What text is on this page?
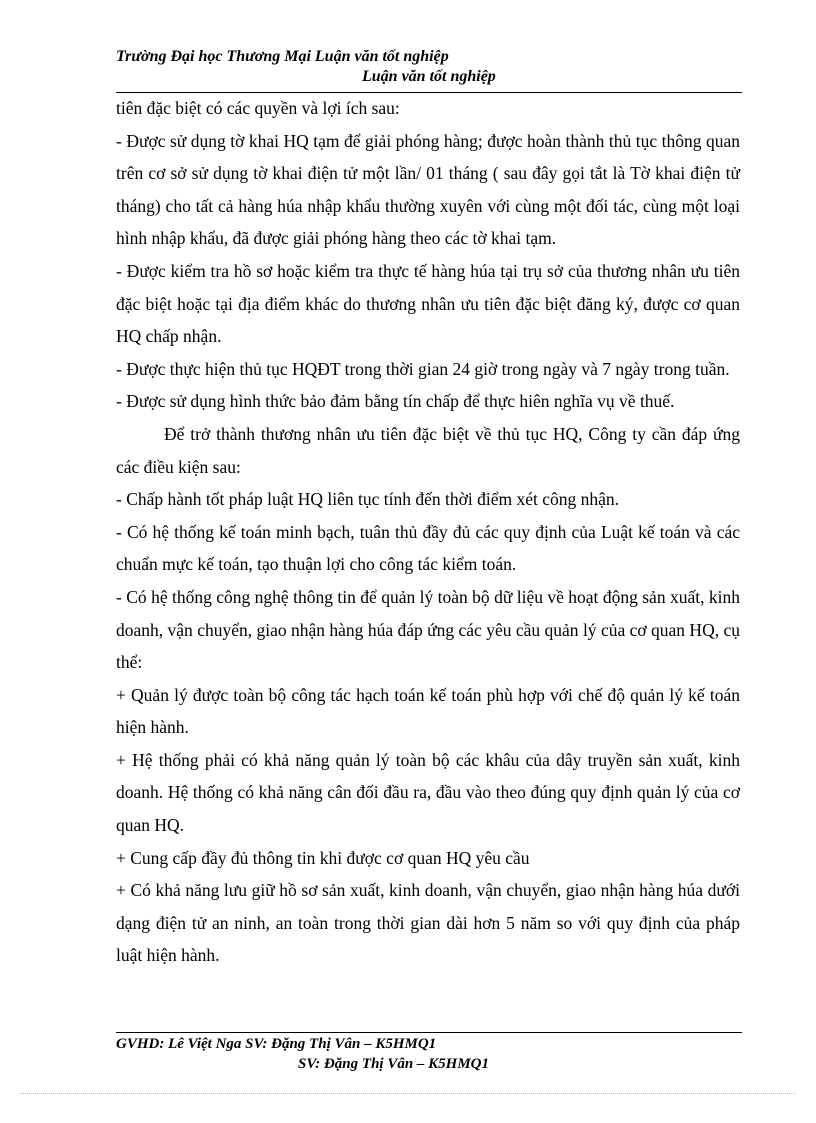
Trường Đại học Thương Mại Luận văn tốt nghiệp
Luận văn tốt nghiệp

tiên đặc biệt có các quyền và lợi ích sau:

- Được sử dụng tờ khai HQ tạm để giải phóng hàng; được hoàn thành thủ tục thông quan trên cơ sở sử dụng tờ khai điện tử một lần/ 01 tháng ( sau đây gọi tắt là Tờ khai điện tử tháng) cho tất cả hàng húa nhập khẩu thường xuyên với cùng một đối tác, cùng một loại hình nhập khẩu, đã được giải phóng hàng theo các tờ khai tạm.

- Được kiểm tra hồ sơ hoặc kiểm tra thực tế hàng húa tại trụ sở của thương nhân ưu tiên đặc biệt hoặc tại địa điểm khác do thương nhân ưu tiên đặc biệt đăng ký, được cơ quan HQ chấp nhận.

- Được thực hiện thủ tục HQĐT trong thời gian 24 giờ trong ngày và 7 ngày trong tuần.

- Được sử dụng hình thức bảo đảm bằng tín chấp để thực hiên nghĩa vụ về thuế.

Để trở thành thương nhân ưu tiên đặc biệt về thủ tục HQ, Công ty cần đáp ứng các điều kiện sau:

- Chấp hành tốt pháp luật HQ liên tục tính đến thời điểm xét công nhận.

- Có hệ thống kế toán minh bạch, tuân thủ đầy đủ các quy định của Luật kế toán và các chuẩn mực kế toán, tạo thuận lợi cho công tác kiểm toán.

- Có hệ thống công nghệ thông tin để quản lý toàn bộ dữ liệu về hoạt động sản xuất, kinh doanh, vận chuyển, giao nhận hàng húa đáp ứng các yêu cầu quản lý của cơ quan HQ, cụ thể:

+ Quản lý được toàn bộ công tác hạch toán kế toán phù hợp với chế độ quản lý kế toán hiện hành.

+ Hệ thống phải có khả năng quản lý toàn bộ các khâu của dây truyền sản xuất, kinh doanh. Hệ thống có khả năng cân đối đầu ra, đầu vào theo đúng quy định quản lý của cơ quan HQ.

+ Cung cấp đầy đủ thông tin khi được cơ quan HQ yêu cầu

+ Có khả năng lưu giữ hồ sơ sản xuất, kinh doanh, vận chuyển, giao nhận hàng húa dưới dạng điện tử an ninh, an toàn trong thời gian dài hơn 5 năm so với quy định của pháp luật hiện hành.

GVHD: Lê Việt Nga SV: Đặng Thị Vân – K5HMQ1
SV: Đặng Thị Vân – K5HMQ1
